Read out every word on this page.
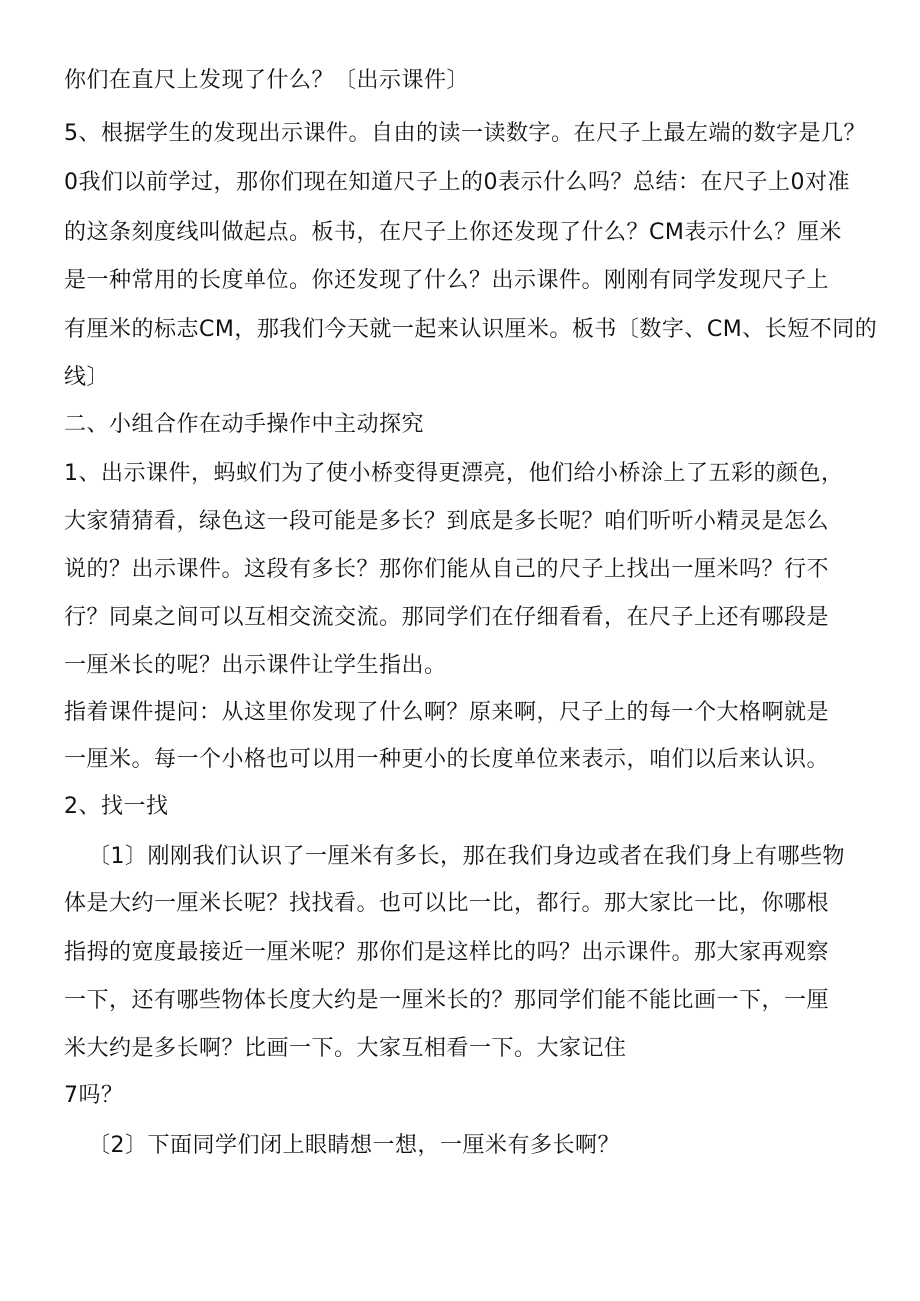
你们在直尺上发现了什么？〔出示课件〕
5、根据学生的发现出示课件。自由的读一读数字。在尺子上最左端的数字是几？
0我们以前学过，那你们现在知道尺子上的0表示什么吗？总结：在尺子上0对准
的这条刻度线叫做起点。板书，在尺子上你还发现了什么？CM表示什么？厘米
是一种常用的长度单位。你还发现了什么？出示课件。刚刚有同学发现尺子上
有厘米的标志CM，那我们今天就一起来认识厘米。板书〔数字、CM、长短不同的
线〕
二、小组合作在动手操作中主动探究
1、出示课件，蚂蚁们为了使小桥变得更漂亮，他们给小桥涂上了五彩的颜色，
大家猜猜看，绿色这一段可能是多长？到底是多长呢？咱们听听小精灵是怎么
说的？出示课件。这段有多长？那你们能从自己的尺子上找出一厘米吗？行不
行？同桌之间可以互相交流交流。那同学们在仔细看看，在尺子上还有哪段是
一厘米长的呢？出示课件让学生指出。
指着课件提问：从这里你发现了什么啊？原来啊，尺子上的每一个大格啊就是
一厘米。每一个小格也可以用一种更小的长度单位来表示，咱们以后来认识。
2、找一找
〔1〕刚刚我们认识了一厘米有多长，那在我们身边或者在我们身上有哪些物
体是大约一厘米长呢？找找看。也可以比一比，都行。那大家比一比，你哪根
指拇的宽度最接近一厘米呢？那你们是这样比的吗？出示课件。那大家再观察
一下，还有哪些物体长度大约是一厘米长的？那同学们能不能比画一下，一厘
米大约是多长啊？比画一下。大家互相看一下。大家记住
7吗？
〔2〕下面同学们闭上眼睛想一想，一厘米有多长啊？
